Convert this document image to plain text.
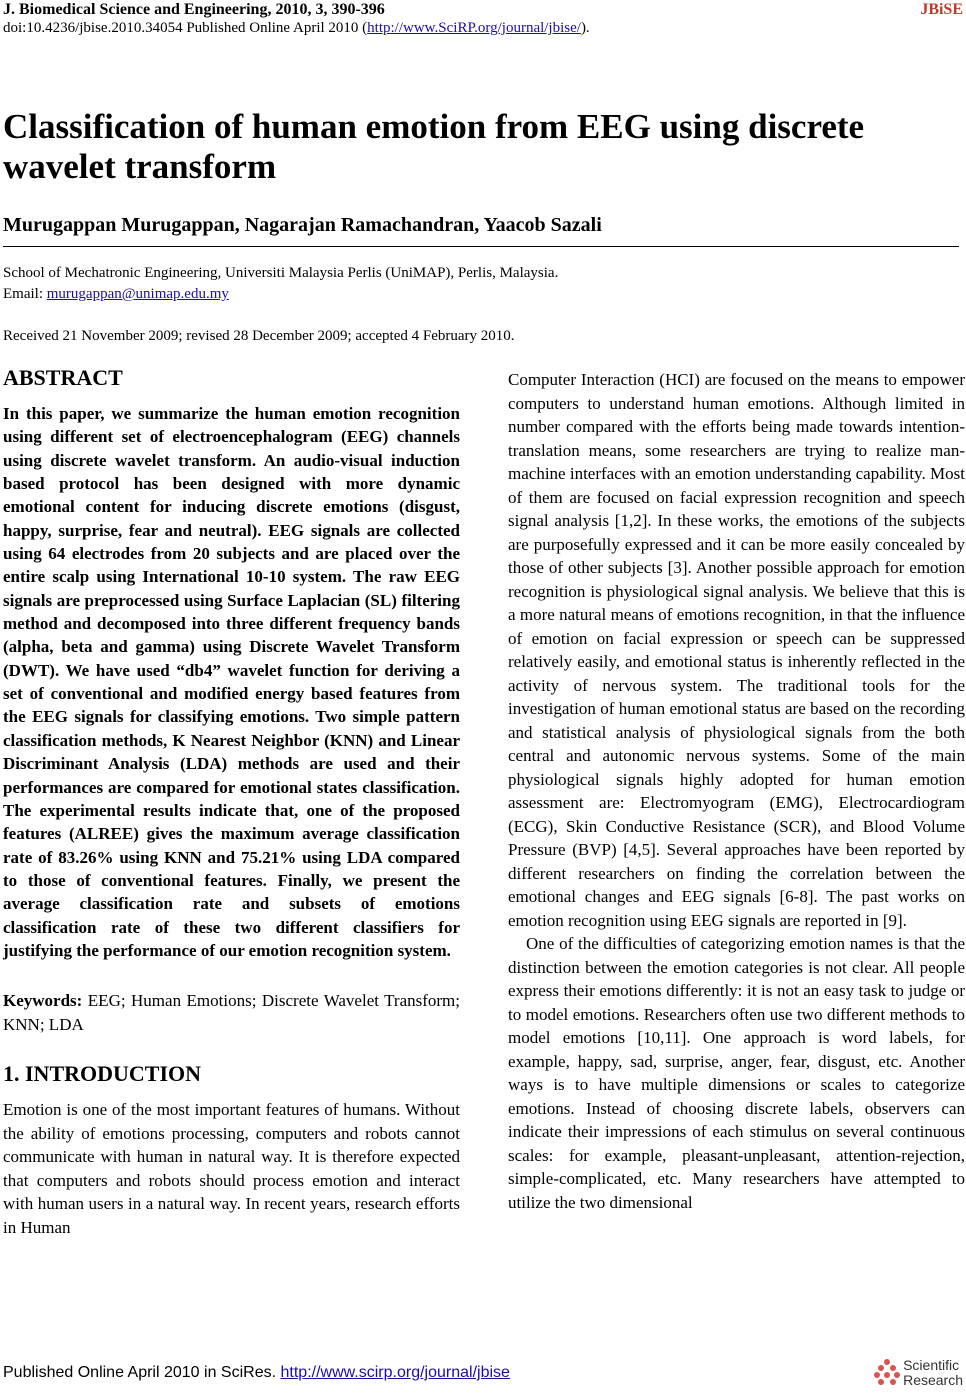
J. Biomedical Science and Engineering, 2010, 3, 390-396	JBiSE
doi:10.4236/jbise.2010.34054 Published Online April 2010 (http://www.SciRP.org/journal/jbise/).
Classification of human emotion from EEG using discrete wavelet transform
Murugappan Murugappan, Nagarajan Ramachandran, Yaacob Sazali
School of Mechatronic Engineering, Universiti Malaysia Perlis (UniMAP), Perlis, Malaysia.
Email: murugappan@unimap.edu.my
Received 21 November 2009; revised 28 December 2009; accepted 4 February 2010.
ABSTRACT

In this paper, we summarize the human emotion recognition using different set of electroencephalogram (EEG) channels using discrete wavelet transform. An audio-visual induction based protocol has been designed with more dynamic emotional content for inducing discrete emotions (disgust, happy, surprise, fear and neutral). EEG signals are collected using 64 electrodes from 20 subjects and are placed over the entire scalp using International 10-10 system. The raw EEG signals are preprocessed using Surface Laplacian (SL) filtering method and decomposed into three different frequency bands (alpha, beta and gamma) using Discrete Wavelet Transform (DWT). We have used “db4” wavelet function for deriving a set of conventional and modified energy based features from the EEG signals for classifying emotions. Two simple pattern classification methods, K Nearest Neighbor (KNN) and Linear Discriminant Analysis (LDA) methods are used and their performances are compared for emotional states classification. The experimental results indicate that, one of the proposed features (ALREE) gives the maximum average classification rate of 83.26% using KNN and 75.21% using LDA compared to those of conventional features. Finally, we present the average classification rate and subsets of emotions classification rate of these two different classifiers for justifying the performance of our emotion recognition system.

Keywords: EEG; Human Emotions; Discrete Wavelet Transform; KNN; LDA

1. INTRODUCTION

Emotion is one of the most important features of humans. Without the ability of emotions processing, computers and robots cannot communicate with human in natural way. It is therefore expected that computers and robots should process emotion and interact with human users in a natural way. In recent years, research efforts in Human

Computer Interaction (HCI) are focused on the means to empower computers to understand human emotions. Although limited in number compared with the efforts being made towards intention-translation means, some researchers are trying to realize man-machine interfaces with an emotion understanding capability. Most of them are focused on facial expression recognition and speech signal analysis [1,2]. In these works, the emotions of the subjects are purposefully expressed and it can be more easily concealed by those of other subjects [3]. Another possible approach for emotion recognition is physiological signal analysis. We believe that this is a more natural means of emotions recognition, in that the influence of emotion on facial expression or speech can be suppressed relatively easily, and emotional status is inherently reflected in the activity of nervous system. The traditional tools for the investigation of human emotional status are based on the recording and statistical analysis of physiological signals from the both central and autonomic nervous systems. Some of the main physiological signals highly adopted for human emotion assessment are: Electromyogram (EMG), Electrocardiogram (ECG), Skin Conductive Resistance (SCR), and Blood Volume Pressure (BVP) [4,5]. Several approaches have been reported by different researchers on finding the correlation between the emotional changes and EEG signals [6-8]. The past works on emotion recognition using EEG signals are reported in [9].

One of the difficulties of categorizing emotion names is that the distinction between the emotion categories is not clear. All people express their emotions differently: it is not an easy task to judge or to model emotions. Researchers often use two different methods to model emotions [10,11]. One approach is word labels, for example, happy, sad, surprise, anger, fear, disgust, etc. Another ways is to have multiple dimensions or scales to categorize emotions. Instead of choosing discrete labels, observers can indicate their impressions of each stimulus on several continuous scales: for example, pleasant-unpleasant, attention-rejection, simple-complicated, etc. Many researchers have attempted to utilize the two dimensional

Published Online April 2010 in SciRes. http://www.scirp.org/journal/jbise	Scientific
Research
